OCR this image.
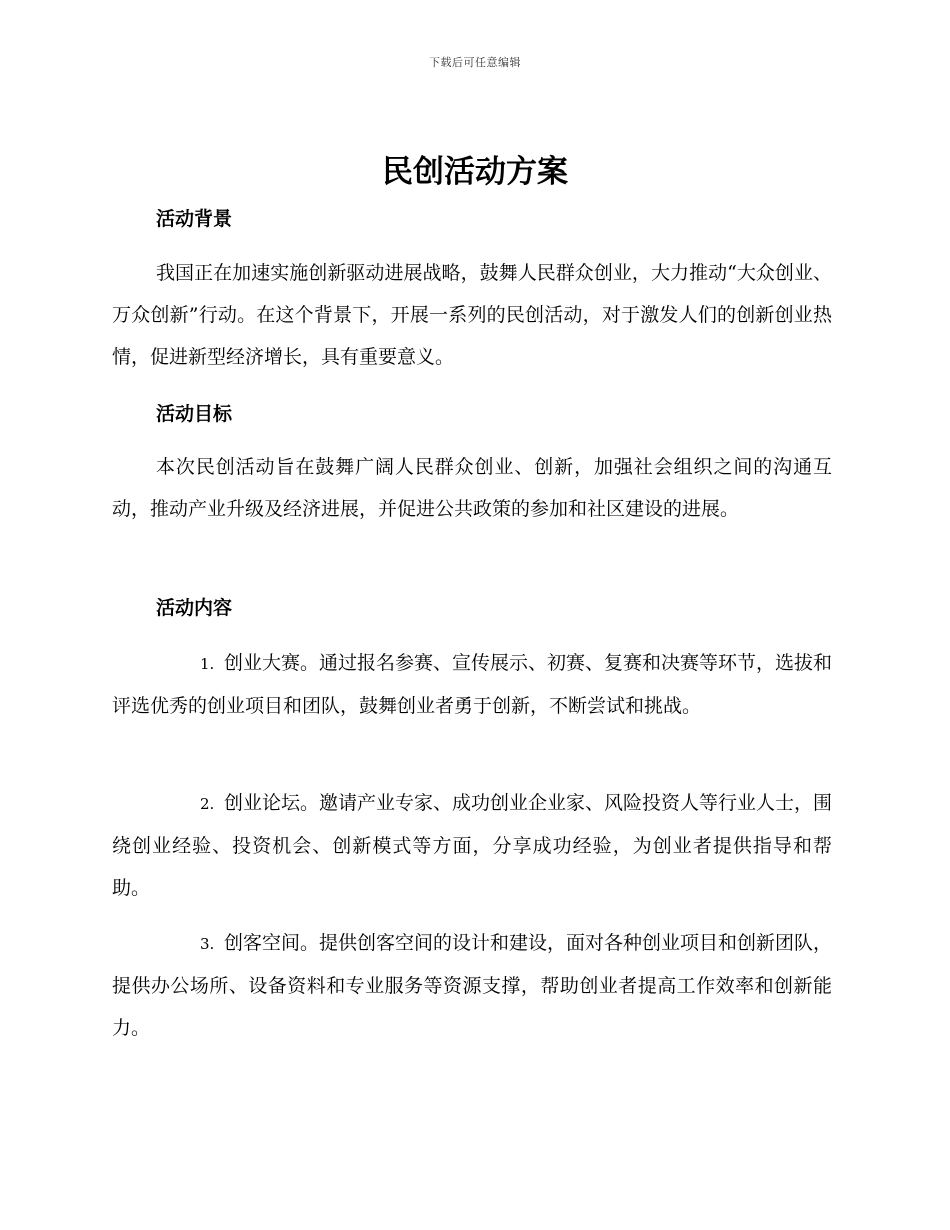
下载后可任意编辑
民创活动方案
活动背景

我国正在加速实施创新驱动进展战略，鼓舞人民群众创业，大力推动“大众创业、万众创新”行动。在这个背景下，开展一系列的民创活动，对于激发人们的创新创业热情，促进新型经济增长，具有重要意义。

活动目标

本次民创活动旨在鼓舞广阔人民群众创业、创新，加强社会组织之间的沟通互动，推动产业升级及经济进展，并促进公共政策的参加和社区建设的进展。

活动内容

1. 创业大赛。通过报名参赛、宣传展示、初赛、复赛和决赛等环节，选拔和评选优秀的创业项目和团队，鼓舞创业者勇于创新，不断尝试和挑战。

2. 创业论坛。邀请产业专家、成功创业企业家、风险投资人等行业人士，围绕创业经验、投资机会、创新模式等方面，分享成功经验，为创业者提供指导和帮助。

3. 创客空间。提供创客空间的设计和建设，面对各种创业项目和创新团队，提供办公场所、设备资料和专业服务等资源支撑，帮助创业者提高工作效率和创新能力。
